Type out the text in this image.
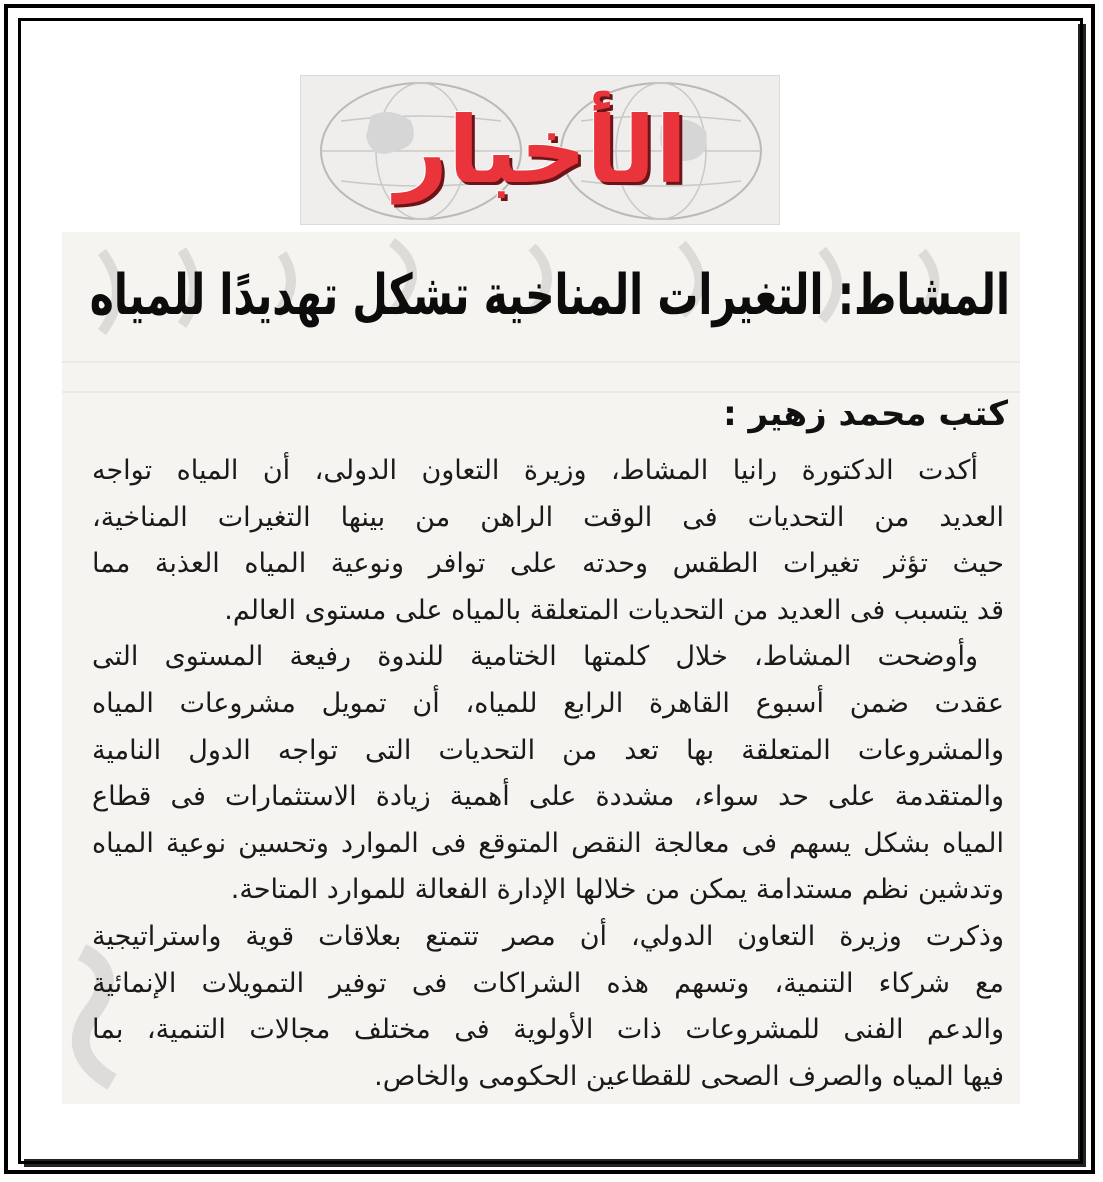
الأخبار
المشاط: التغيرات المناخية تشكل تهديدًا للمياه
كتب محمد زهير :
أكدت الدكتورة رانيا المشاط، وزيرة التعاون الدولى، أن المياه تواجه
العديد من التحديات فى الوقت الراهن من بينها التغيرات المناخية،
حيث تؤثر تغيرات الطقس وحدته على توافر ونوعية المياه العذبة مما
قد يتسبب فى العديد من التحديات المتعلقة بالمياه على مستوى العالم.
وأوضحت المشاط، خلال كلمتها الختامية للندوة رفيعة المستوى التى
عقدت ضمن أسبوع القاهرة الرابع للمياه، أن تمويل مشروعات المياه
والمشروعات المتعلقة بها تعد من التحديات التى تواجه الدول النامية
والمتقدمة على حد سواء، مشددة على أهمية زيادة الاستثمارات فى قطاع
المياه بشكل يسهم فى معالجة النقص المتوقع فى الموارد وتحسين نوعية المياه
وتدشين نظم مستدامة يمكن من خلالها الإدارة الفعالة للموارد المتاحة.
وذكرت وزيرة التعاون الدولي، أن مصر تتمتع بعلاقات قوية واستراتيجية
مع شركاء التنمية، وتسهم هذه الشراكات فى توفير التمويلات الإنمائية
والدعم الفنى للمشروعات ذات الأولوية فى مختلف مجالات التنمية، بما
فيها المياه والصرف الصحى للقطاعين الحكومى والخاص.
